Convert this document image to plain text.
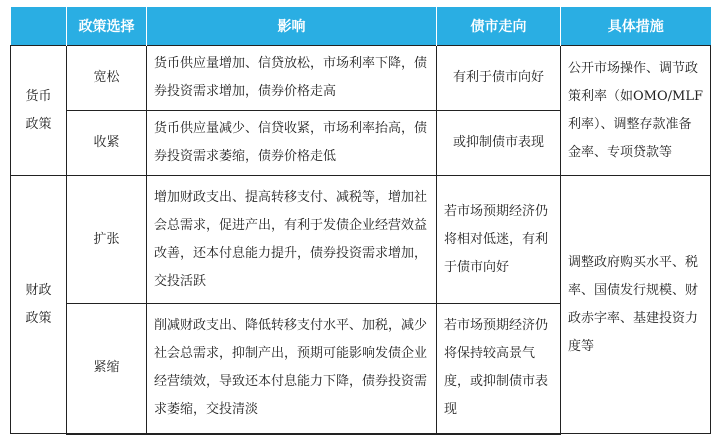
	政策选择	影响	债市走向	具体措施
货币
政策	宽松	货币供应量增加、信贷放松，市场利率下降，债券投资需求增加，债券价格走高	有利于债市向好	公开市场操作、调节政策利率（如OMO/MLF利率）、调整存款准备金率、专项贷款等
	收紧	货币供应量减少、信贷收紧，市场利率抬高，债券投资需求萎缩，债券价格走低	或抑制债市表现	
财政
政策	扩张	增加财政支出、提高转移支付、减税等，增加社会总需求，促进产出，有利于发债企业经营效益改善，还本付息能力提升，债券投资需求增加，交投活跃	若市场预期经济仍将相对低迷，有利于债市向好	调整政府购买水平、税率、国债发行规模、财政赤字率、基建投资力度等
	紧缩	削减财政支出、降低转移支付水平、加税，减少社会总需求，抑制产出，预期可能影响发债企业经营绩效，导致还本付息能力下降，债券投资需求萎缩，交投清淡	若市场预期经济仍将保持较高景气度，或抑制债市表现	
